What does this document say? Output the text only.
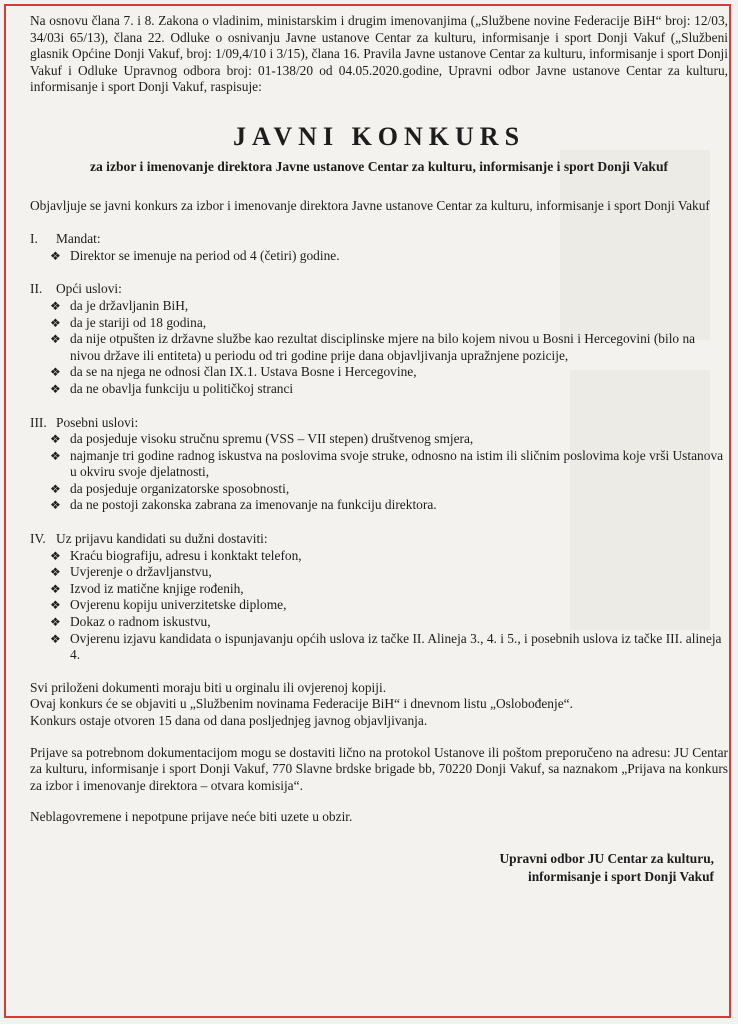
Na osnovu člana 7. i 8. Zakona o vladinim, ministarskim i drugim imenovanjima („Službene novine Federacije BiH“ broj: 12/03, 34/03i 65/13), člana 22. Odluke o osnivanju Javne ustanove Centar za kulturu, informisanje i sport Donji Vakuf („Službeni glasnik Općine Donji Vakuf, broj: 1/09,4/10 i 3/15), člana 16. Pravila Javne ustanove Centar za kulturu, informisanje i sport Donji Vakuf i Odluke Upravnog odbora broj: 01-138/20 od 04.05.2020.godine, Upravni odbor Javne ustanove Centar za kulturu, informisanje i sport Donji Vakuf, raspisuje:

JAVNI KONKURS
za izbor i imenovanje direktora Javne ustanove Centar za kulturu, informisanje i sport Donji Vakuf

Objavljuje se javni konkurs za izbor i imenovanje direktora Javne ustanove Centar za kulturu, informisanje i sport Donji Vakuf

I.	Mandat:
❖ Direktor se imenuje na period od 4 (četiri) godine.
II.	Opći uslovi:
❖ da je državljanin BiH,
❖ da je stariji od 18 godina,
❖ da nije otpušten iz državne službe kao rezultat disciplinske mjere na bilo kojem nivou u Bosni i Hercegovini (bilo na nivou države ili entiteta) u periodu od tri godine prije dana objavljivanja upražnjene pozicije,
❖ da se na njega ne odnosi član IX.1. Ustava Bosne i Hercegovine,
❖ da ne obavlja funkciju u političkoj stranci
III. Posebni uslovi:
❖ da posjeduje visoku stručnu spremu (VSS – VII stepen) društvenog smjera,
❖ najmanje tri godine radnog iskustva na poslovima svoje struke, odnosno na istim ili sličnim poslovima koje vrši Ustanova u okviru svoje djelatnosti,
❖ da posjeduje organizatorske sposobnosti,
❖ da ne postoji zakonska zabrana za imenovanje na funkciju direktora.
IV. Uz prijavu kandidati su dužni dostaviti:
❖ Kraću biografiju, adresu i konktakt telefon,
❖ Uvjerenje o državljanstvu,
❖ Izvod iz matične knjige rođenih,
❖ Ovjerenu kopiju univerzitetske diplome,
❖ Dokaz o radnom iskustvu,
❖ Ovjerenu izjavu kandidata o ispunjavanju općih uslova iz tačke II. Alineja 3., 4. i 5., i posebnih uslova iz tačke III. alineja 4.

Svi priloženi dokumenti moraju biti u orginalu ili ovjerenoj kopiji.

Ovaj konkurs će se objaviti u „Službenim novinama Federacije BiH“ i dnevnom listu „Oslobođenje“.

Konkurs ostaje otvoren 15 dana od dana posljednjeg javnog objavljivanja.

Prijave sa potrebnom dokumentacijom mogu se dostaviti lično na protokol Ustanove ili poštom preporučeno na adresu: JU Centar za kulturu, informisanje i sport Donji Vakuf, 770 Slavne brdske brigade bb, 70220 Donji Vakuf, sa naznakom „Prijava na konkurs za izbor i imenovanje direktora – otvara komisija“.

Neblagovremene i nepotpune prijave neće biti uzete u obzir.

Upravni odbor JU Centar za kulturu,
informisanje i sport Donji Vakuf
